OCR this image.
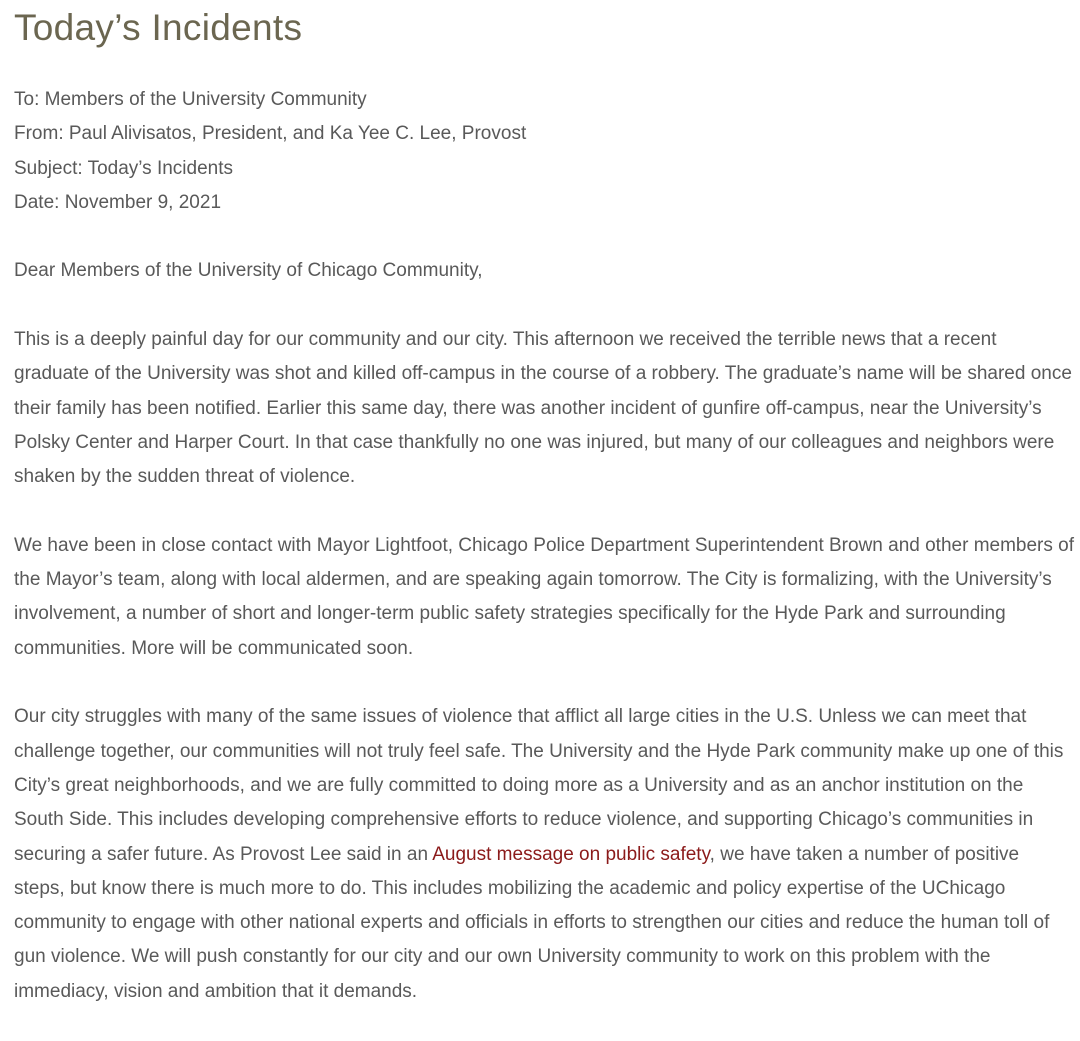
Today’s Incidents
To: Members of the University Community
From: Paul Alivisatos, President, and Ka Yee C. Lee, Provost
Subject: Today’s Incidents
Date: November 9, 2021
Dear Members of the University of Chicago Community,

This is a deeply painful day for our community and our city. This afternoon we received the terrible news that a recent graduate of the University was shot and killed off-campus in the course of a robbery. The graduate’s name will be shared once their family has been notified. Earlier this same day, there was another incident of gunfire off-campus, near the University’s Polsky Center and Harper Court. In that case thankfully no one was injured, but many of our colleagues and neighbors were shaken by the sudden threat of violence.

We have been in close contact with Mayor Lightfoot, Chicago Police Department Superintendent Brown and other members of the Mayor’s team, along with local aldermen, and are speaking again tomorrow. The City is formalizing, with the University’s involvement, a number of short and longer-term public safety strategies specifically for the Hyde Park and surrounding communities. More will be communicated soon.

Our city struggles with many of the same issues of violence that afflict all large cities in the U.S. Unless we can meet that challenge together, our communities will not truly feel safe. The University and the Hyde Park community make up one of this City’s great neighborhoods, and we are fully committed to doing more as a University and as an anchor institution on the South Side. This includes developing comprehensive efforts to reduce violence, and supporting Chicago’s communities in securing a safer future. As Provost Lee said in an August message on public safety, we have taken a number of positive steps, but know there is much more to do. This includes mobilizing the academic and policy expertise of the UChicago community to engage with other national experts and officials in efforts to strengthen our cities and reduce the human toll of gun violence. We will push constantly for our city and our own University community to work on this problem with the immediacy, vision and ambition that it demands.
